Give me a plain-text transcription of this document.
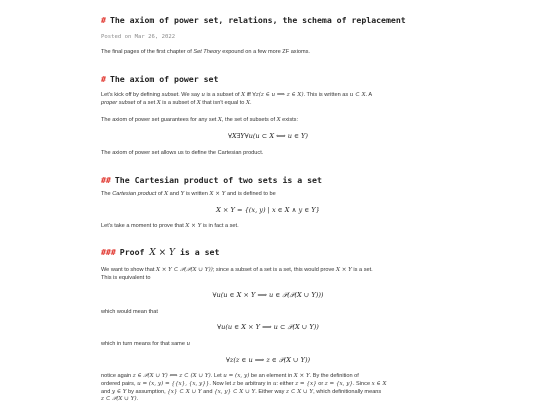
# The axiom of power set, relations, the schema of replacement
Posted on Mar 26, 2022

The final pages of the first chapter of Set Theory expound on a few more ZF axioms.

# The axiom of power set

Let's kick off by defining subset. We say u is a subset of X iff ∀z(z ∈ u ⟹ z ∈ X). This is written as u ⊂ X. A
proper subset of a set X is a subset of X that isn't equal to X.

The axiom of power set guarantees for any set X, the set of subsets of X exists:

∀X∃Y∀u(u ⊂ X ⟺ u ∈ Y)

The axiom of power set allows us to define the Cartesian product.

## The Cartesian product of two sets is a set

The Cartesian product of X and Y is written X × Y and is defined to be

X × Y = {(x, y) | x ∈ X ∧ y ∈ Y}

Let's take a moment to prove that X × Y is in fact a set.

### Proof X × Y is a set

We want to show that X × Y ⊂ 𝒫(𝒫(X ∪ Y)); since a subset of a set is a set, this would prove X × Y is a set.
This is equivalent to

∀u(u ∈ X × Y ⟹ u ∈ 𝒫(𝒫(X ∪ Y)))

which would mean that

∀u(u ∈ X × Y ⟹ u ⊂ 𝒫(X ∪ Y))

which in turn means for that same u

∀z(z ∈ u ⟹ z ∈ 𝒫(X ∪ Y))

notice again z ∈ 𝒫(X ∪ Y) ⟺ z ⊂ (X ∪ Y). Let u = (x, y) be an element in X × Y. By the definition of
ordered pairs, u = (x, y) = {{x}, {x, y}}. Now let z be arbitrary in u: either z = {x} or z = {x, y}. Since x ∈ X
and y ∈ Y by assumption, {x} ⊂ X ∪ Y and {x, y} ⊂ X ∪ Y. Either way z ⊂ X ∪ Y, which definitionally means
z ⊂ 𝒫(X ∪ Y).
